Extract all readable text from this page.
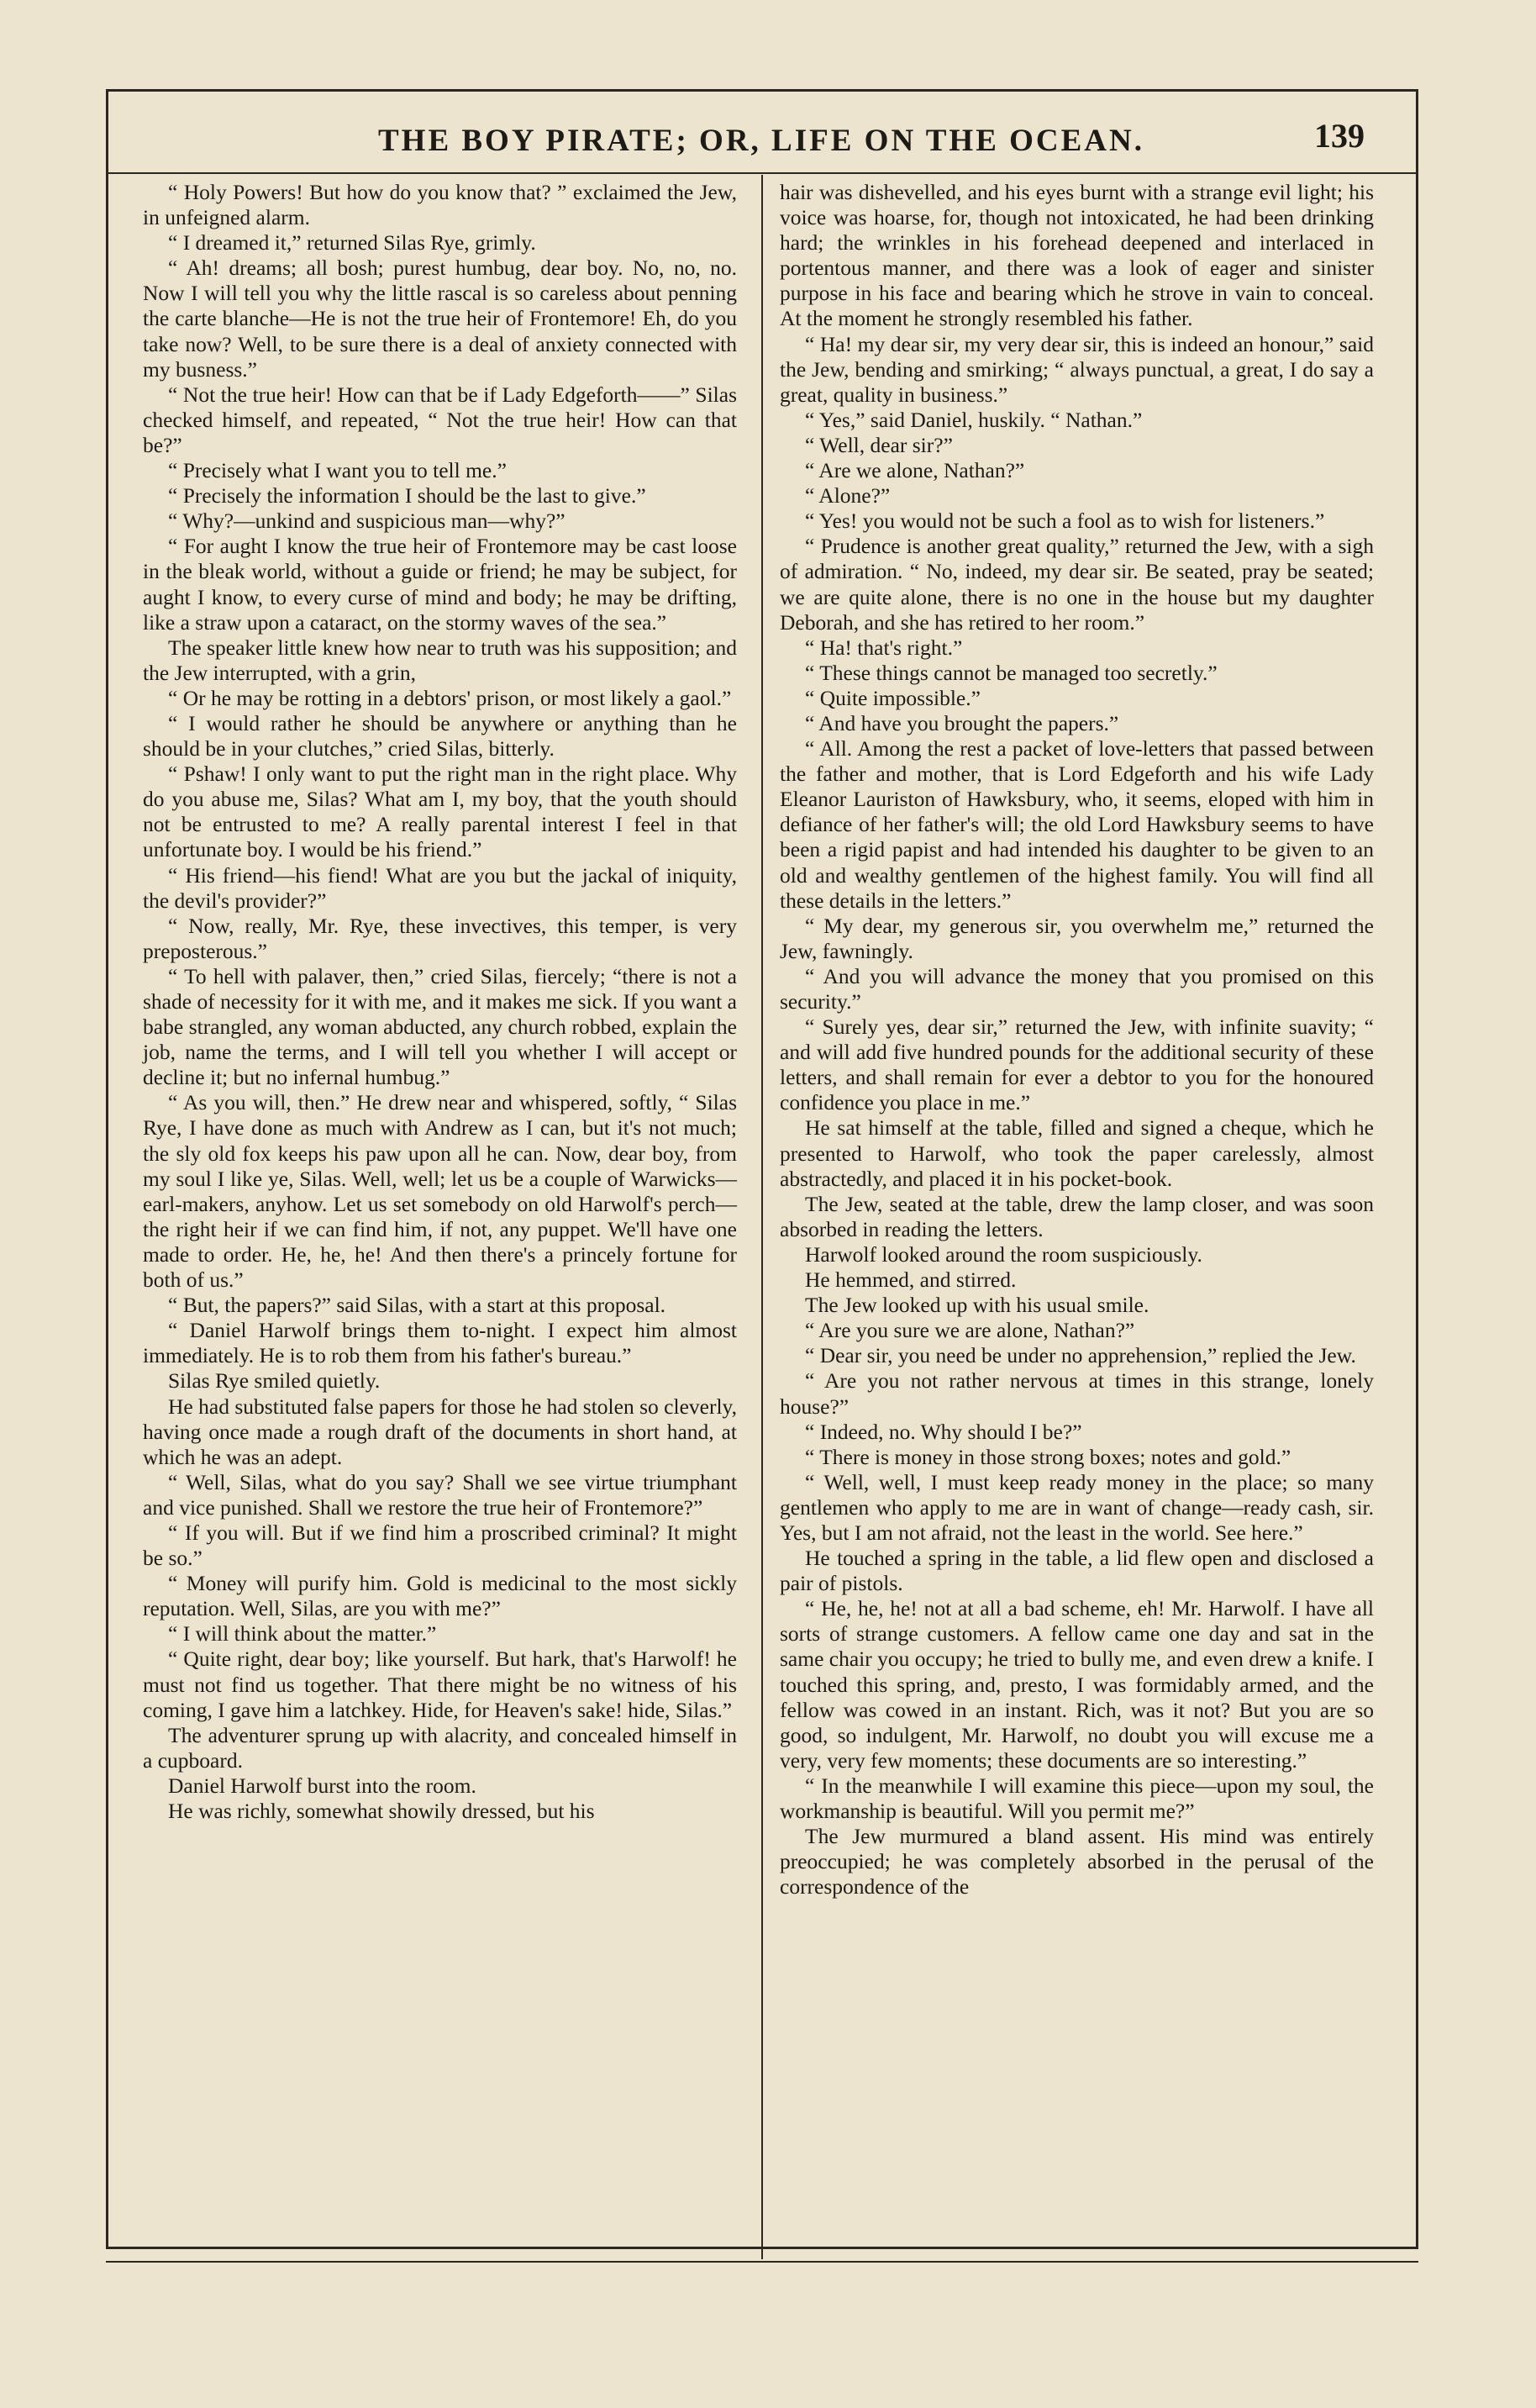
THE BOY PIRATE; OR, LIFE ON THE OCEAN.	139

“ Holy Powers! But how do you know that? ” exclaimed the Jew, in unfeigned alarm.

“ I dreamed it,” returned Silas Rye, grimly.

“ Ah! dreams; all bosh; purest humbug, dear boy. No, no, no. Now I will tell you why the little rascal is so careless about penning the carte blanche—He is not the true heir of Frontemore! Eh, do you take now? Well, to be sure there is a deal of anxiety connected with my busness.”

“ Not the true heir! How can that be if Lady Edgeforth——” Silas checked himself, and repeated, “ Not the true heir! How can that be?”

“ Precisely what I want you to tell me.”

“ Precisely the information I should be the last to give.”

“ Why?—unkind and suspicious man—why?”

“ For aught I know the true heir of Frontemore may be cast loose in the bleak world, without a guide or friend; he may be subject, for aught I know, to every curse of mind and body; he may be drifting, like a straw upon a cataract, on the stormy waves of the sea.”

The speaker little knew how near to truth was his supposition; and the Jew interrupted, with a grin,

“ Or he may be rotting in a debtors' prison, or most likely a gaol.”

“ I would rather he should be anywhere or anything than he should be in your clutches,” cried Silas, bitterly.

“ Pshaw! I only want to put the right man in the right place. Why do you abuse me, Silas? What am I, my boy, that the youth should not be entrusted to me? A really parental interest I feel in that unfortunate boy. I would be his friend.”

“ His friend—his fiend! What are you but the jackal of iniquity, the devil's provider?”

“ Now, really, Mr. Rye, these invectives, this temper, is very preposterous.”

“ To hell with palaver, then,” cried Silas, fiercely; “there is not a shade of necessity for it with me, and it makes me sick. If you want a babe strangled, any woman abducted, any church robbed, explain the job, name the terms, and I will tell you whether I will accept or decline it; but no infernal humbug.”

“ As you will, then.” He drew near and whispered, softly, “ Silas Rye, I have done as much with Andrew as I can, but it's not much; the sly old fox keeps his paw upon all he can. Now, dear boy, from my soul I like ye, Silas. Well, well; let us be a couple of Warwicks—earl-makers, anyhow. Let us set somebody on old Harwolf's perch—the right heir if we can find him, if not, any puppet. We'll have one made to order. He, he, he! And then there's a princely fortune for both of us.”

“ But, the papers?” said Silas, with a start at this proposal.

“ Daniel Harwolf brings them to-night. I expect him almost immediately. He is to rob them from his father's bureau.”

Silas Rye smiled quietly.

He had substituted false papers for those he had stolen so cleverly, having once made a rough draft of the documents in short hand, at which he was an adept.

“ Well, Silas, what do you say? Shall we see virtue triumphant and vice punished. Shall we restore the true heir of Frontemore?”

“ If you will. But if we find him a proscribed criminal? It might be so.”

“ Money will purify him. Gold is medicinal to the most sickly reputation. Well, Silas, are you with me?”

“ I will think about the matter.”

“ Quite right, dear boy; like yourself. But hark, that's Harwolf! he must not find us together. That there might be no witness of his coming, I gave him a latchkey. Hide, for Heaven's sake! hide, Silas.”

The adventurer sprung up with alacrity, and concealed himself in a cupboard.

Daniel Harwolf burst into the room.

He was richly, somewhat showily dressed, but his

hair was dishevelled, and his eyes burnt with a strange evil light; his voice was hoarse, for, though not intoxicated, he had been drinking hard; the wrinkles in his forehead deepened and interlaced in portentous manner, and there was a look of eager and sinister purpose in his face and bearing which he strove in vain to conceal. At the moment he strongly resembled his father.

“ Ha! my dear sir, my very dear sir, this is indeed an honour,” said the Jew, bending and smirking; “ always punctual, a great, I do say a great, quality in business.”

“ Yes,” said Daniel, huskily. “ Nathan.”

“ Well, dear sir?”

“ Are we alone, Nathan?”

“ Alone?”

“ Yes! you would not be such a fool as to wish for listeners.”

“ Prudence is another great quality,” returned the Jew, with a sigh of admiration. “ No, indeed, my dear sir. Be seated, pray be seated; we are quite alone, there is no one in the house but my daughter Deborah, and she has retired to her room.”

“ Ha! that's right.”

“ These things cannot be managed too secretly.”

“ Quite impossible.”

“ And have you brought the papers.”

“ All. Among the rest a packet of love-letters that passed between the father and mother, that is Lord Edgeforth and his wife Lady Eleanor Lauriston of Hawksbury, who, it seems, eloped with him in defiance of her father's will; the old Lord Hawksbury seems to have been a rigid papist and had intended his daughter to be given to an old and wealthy gentlemen of the highest family. You will find all these details in the letters.”

“ My dear, my generous sir, you overwhelm me,” returned the Jew, fawningly.

“ And you will advance the money that you promised on this security.”

“ Surely yes, dear sir,” returned the Jew, with infinite suavity; “ and will add five hundred pounds for the additional security of these letters, and shall remain for ever a debtor to you for the honoured confidence you place in me.”

He sat himself at the table, filled and signed a cheque, which he presented to Harwolf, who took the paper carelessly, almost abstractedly, and placed it in his pocket-book.

The Jew, seated at the table, drew the lamp closer, and was soon absorbed in reading the letters.

Harwolf looked around the room suspiciously.

He hemmed, and stirred.

The Jew looked up with his usual smile.

“ Are you sure we are alone, Nathan?”

“ Dear sir, you need be under no apprehension,” replied the Jew.

“ Are you not rather nervous at times in this strange, lonely house?”

“ Indeed, no. Why should I be?”

“ There is money in those strong boxes; notes and gold.”

“ Well, well, I must keep ready money in the place; so many gentlemen who apply to me are in want of change—ready cash, sir. Yes, but I am not afraid, not the least in the world. See here.”

He touched a spring in the table, a lid flew open and disclosed a pair of pistols.

“ He, he, he! not at all a bad scheme, eh! Mr. Harwolf. I have all sorts of strange customers. A fellow came one day and sat in the same chair you occupy; he tried to bully me, and even drew a knife. I touched this spring, and, presto, I was formidably armed, and the fellow was cowed in an instant. Rich, was it not? But you are so good, so indulgent, Mr. Harwolf, no doubt you will excuse me a very, very few moments; these documents are so interesting.”

“ In the meanwhile I will examine this piece—upon my soul, the workmanship is beautiful. Will you permit me?”

The Jew murmured a bland assent. His mind was entirely preoccupied; he was completely absorbed in the perusal of the correspondence of the
